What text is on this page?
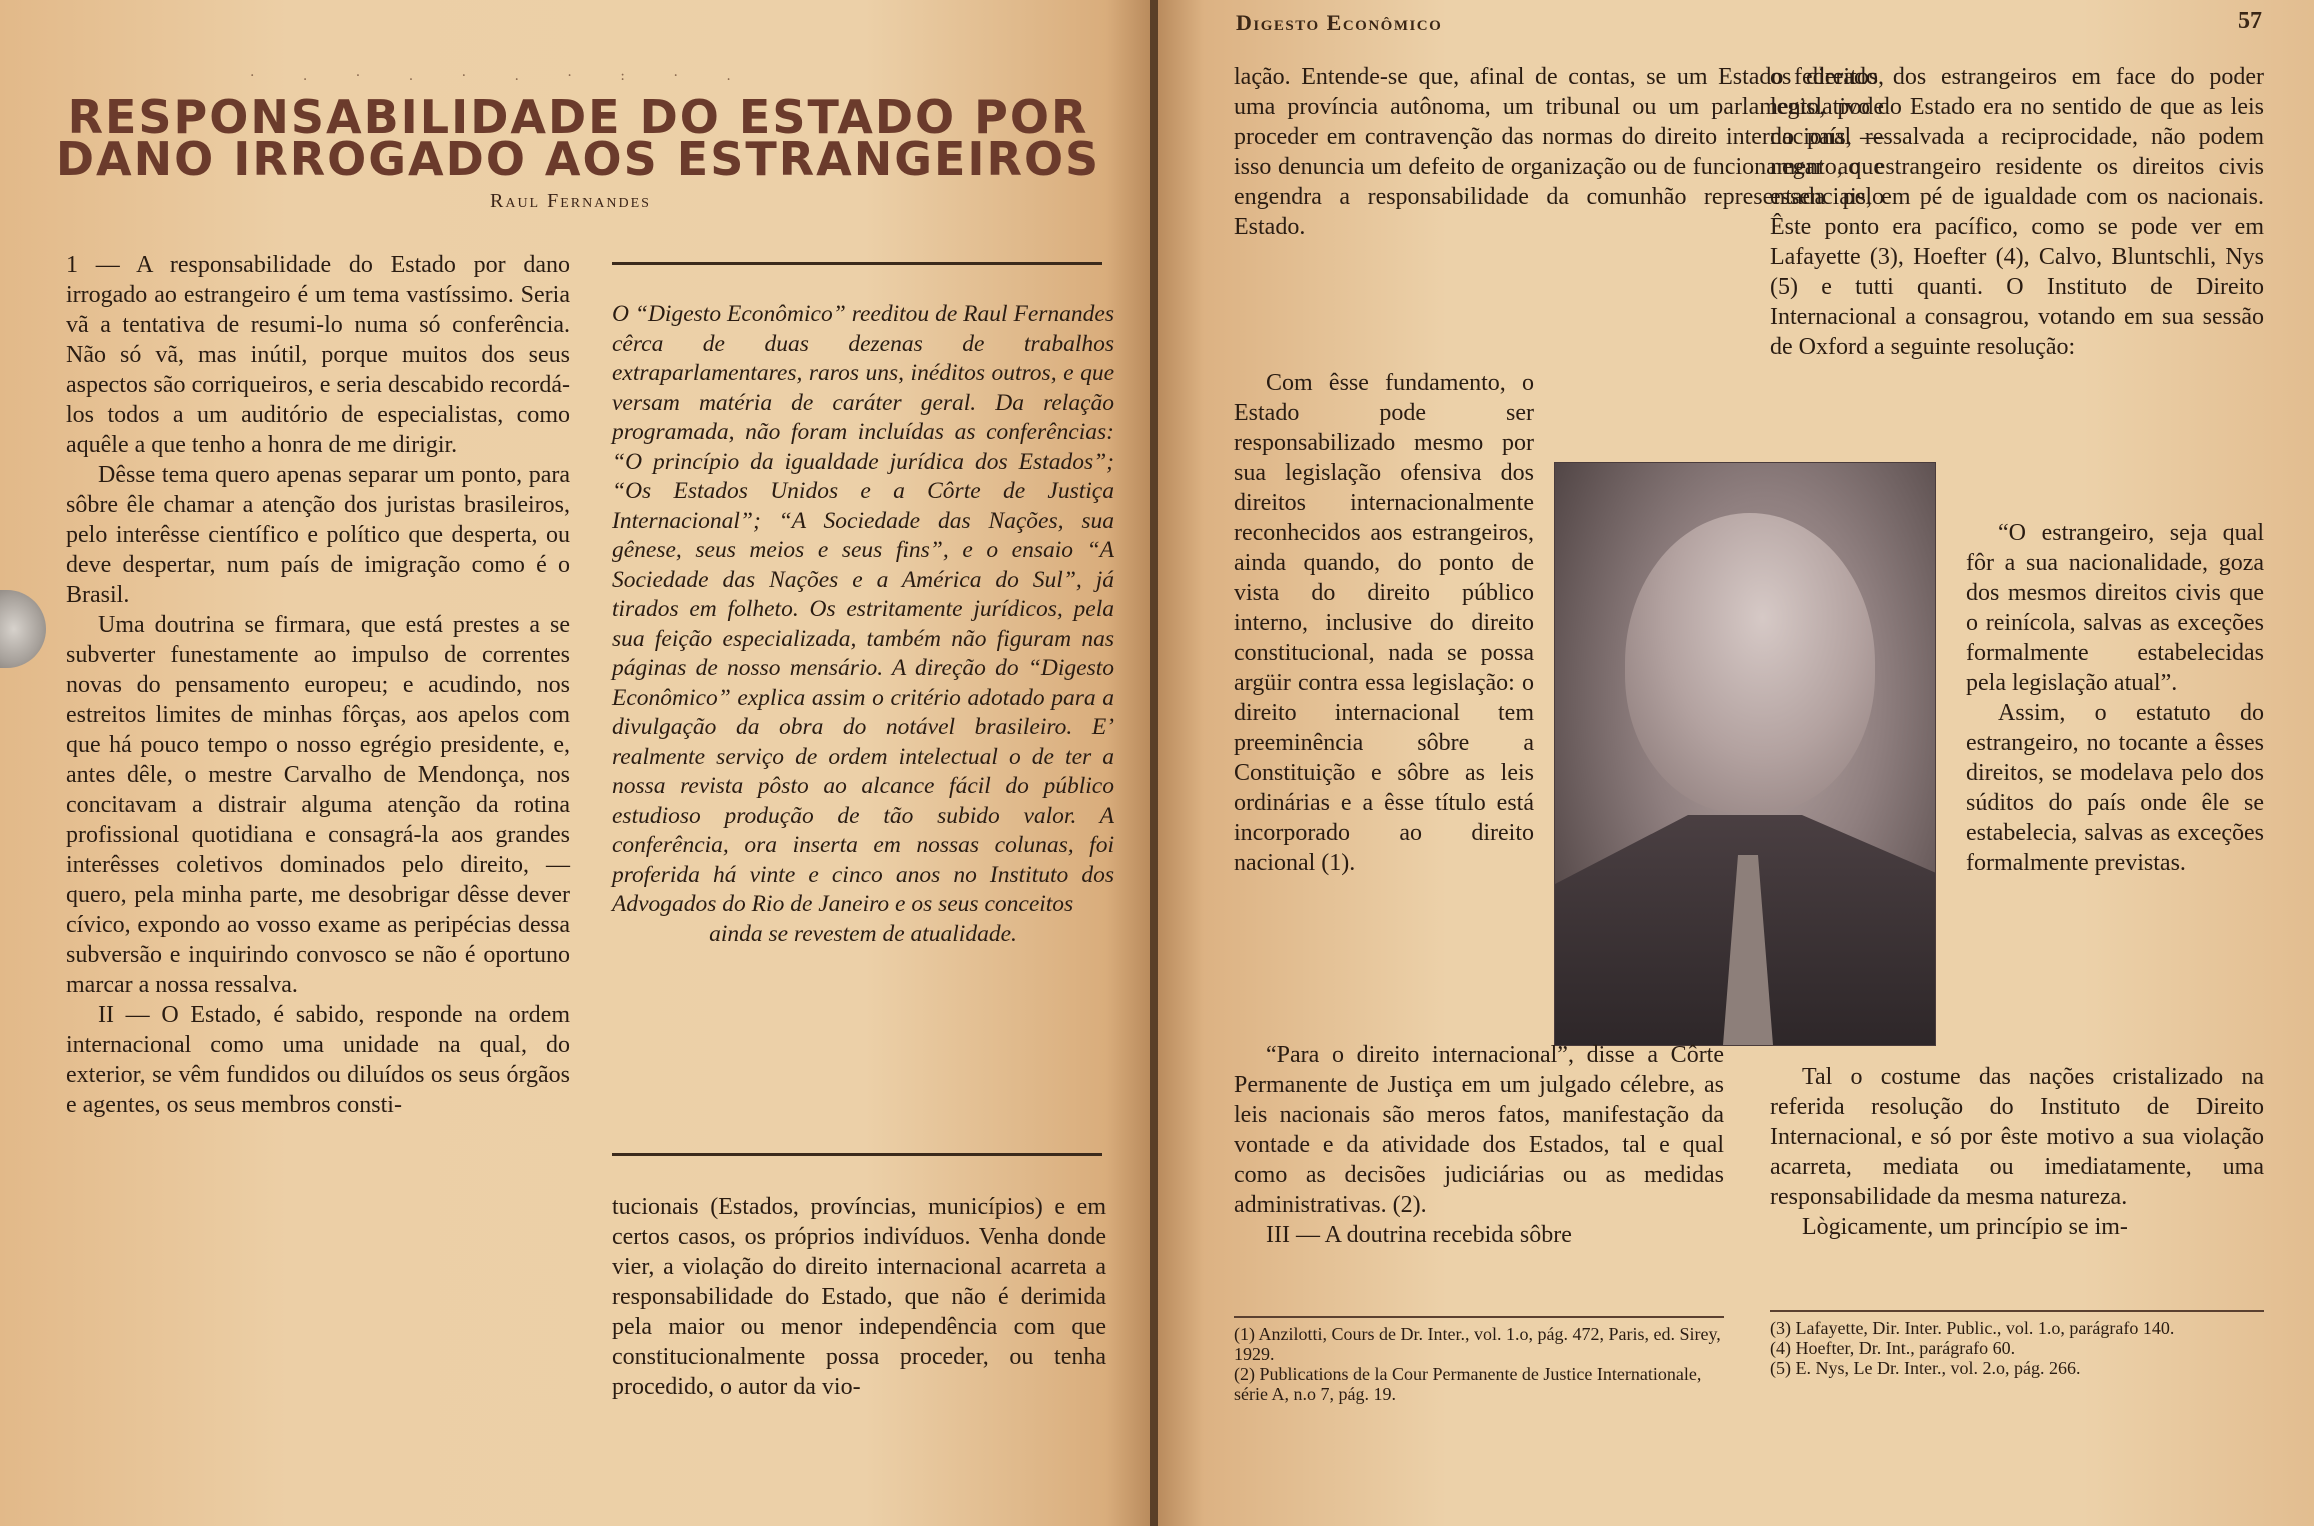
· . · . · . · : · .
RESPONSABILIDADE DO ESTADO POR
DANO IRROGADO AOS ESTRANGEIROS
Raul Fernandes

1 — A responsabilidade do Estado por dano irrogado ao estrangeiro é um tema vastíssimo. Seria vã a tentativa de resumi-lo numa só conferência. Não só vã, mas inútil, porque muitos dos seus aspectos são corriqueiros, e seria descabido recordá-los todos a um auditório de especialistas, como aquêle a que tenho a honra de me dirigir.

Dêsse tema quero apenas separar um ponto, para sôbre êle chamar a atenção dos juristas brasileiros, pelo interêsse científico e político que desperta, ou deve despertar, num país de imigração como é o Brasil.

Uma doutrina se firmara, que está prestes a se subverter funestamente ao impulso de correntes novas do pensamento europeu; e acudindo, nos estreitos limites de minhas fôrças, aos apelos com que há pouco tempo o nosso egrégio presidente, e, antes dêle, o mestre Carvalho de Mendonça, nos concitavam a distrair alguma atenção da rotina profissional quotidiana e consagrá-la aos grandes interêsses coletivos dominados pelo direito, — quero, pela minha parte, me desobrigar dêsse dever cívico, expondo ao vosso exame as peripécias dessa subversão e inquirindo convosco se não é oportuno marcar a nossa ressalva.

II — O Estado, é sabido, responde na ordem internacional como uma unidade na qual, do exterior, se vêm fundidos ou diluídos os seus órgãos e agentes, os seus membros consti-

O “Digesto Econômico” reeditou de Raul Fernandes cêrca de duas dezenas de trabalhos extraparlamentares, raros uns, inéditos outros, e que versam matéria de caráter geral. Da relação programada, não foram incluídas as conferências: “O princípio da igualdade jurídica dos Estados”; “Os Estados Unidos e a Côrte de Justiça Internacional”; “A Sociedade das Nações, sua gênese, seus meios e seus fins”, e o ensaio “A Sociedade das Nações e a América do Sul”, já tirados em folheto. Os estritamente jurídicos, pela sua feição especializada, também não figuram nas páginas de nosso mensário. A direção do “Digesto Econômico” explica assim o critério adotado para a divulgação da obra do notável brasileiro. E’ realmente serviço de ordem intelectual o de ter a nossa revista pôsto ao alcance fácil do público estudioso produção de tão subido valor. A conferência, ora inserta em nossas colunas, foi proferida há vinte e cinco anos no Instituto dos Advogados do Rio de Janeiro e os seus conceitos

ainda se revestem de atualidade.

tucionais (Estados, províncias, municípios) e em certos casos, os próprios indivíduos. Venha donde vier, a violação do direito internacional acarreta a responsabilidade do Estado, que não é derimida pela maior ou menor independência com que constitucionalmente possa proceder, ou tenha procedido, o autor da vio-

Digesto Econômico	57

lação. Entende-se que, afinal de contas, se um Estado federado, uma província autônoma, um tribunal ou um parlamento, pode proceder em contravenção das normas do direito internacional — isso denuncia um defeito de organização ou de funcionamento, que engendra a responsabilidade da comunhão representada pelo Estado.

Com êsse fundamento, o Estado pode ser responsabilizado mesmo por sua legislação ofensiva dos direitos internacionalmente reconhecidos aos estrangeiros, ainda quando, do ponto de vista do direito público interno, inclusive do direito constitucional, nada se possa argüir contra essa legislação: o direito internacional tem preeminência sôbre a Constituição e sôbre as leis ordinárias e a êsse título está incorporado ao direito nacional (1).

“Para o direito internacional”, disse a Côrte Permanente de Justiça em um julgado célebre, as leis nacionais são meros fatos, manifestação da vontade e da atividade dos Estados, tal e qual como as decisões judiciárias ou as medidas administrativas. (2).

III — A doutrina recebida sôbre

(1) Anzilotti, Cours de Dr. Inter., vol. 1.o, pág. 472, Paris, ed. Sirey, 1929.

(2) Publications de la Cour Permanente de Justice Internationale, série A, n.o 7, pág. 19.

os direitos dos estrangeiros em face do poder legislativo do Estado era no sentido de que as leis do país, ressalvada a reciprocidade, não podem negar ao estrangeiro residente os direitos civis essenciais, em pé de igualdade com os nacionais. Êste ponto era pacífico, como se pode ver em Lafayette (3), Hoefter (4), Calvo, Bluntschli, Nys (5) e tutti quanti. O Instituto de Direito Internacional a consagrou, votando em sua sessão de Oxford a seguinte resolução:

“O estrangeiro, seja qual fôr a sua nacionalidade, goza dos mesmos direitos civis que o reinícola, salvas as exceções formalmente estabelecidas pela legislação atual”.

Assim, o estatuto do estrangeiro, no tocante a êsses direitos, se modelava pelo dos súditos do país onde êle se estabelecia, salvas as exceções formalmente previstas.

Tal o costume das nações cristalizado na referida resolução do Instituto de Direito Internacional, e só por êste motivo a sua violação acarreta, mediata ou imediatamente, uma responsabilidade da mesma natureza.

Lògicamente, um princípio se im-

(3) Lafayette, Dir. Inter. Public., vol. 1.o, parágrafo 140.

(4) Hoefter, Dr. Int., parágrafo 60.

(5) E. Nys, Le Dr. Inter., vol. 2.o, pág. 266.
